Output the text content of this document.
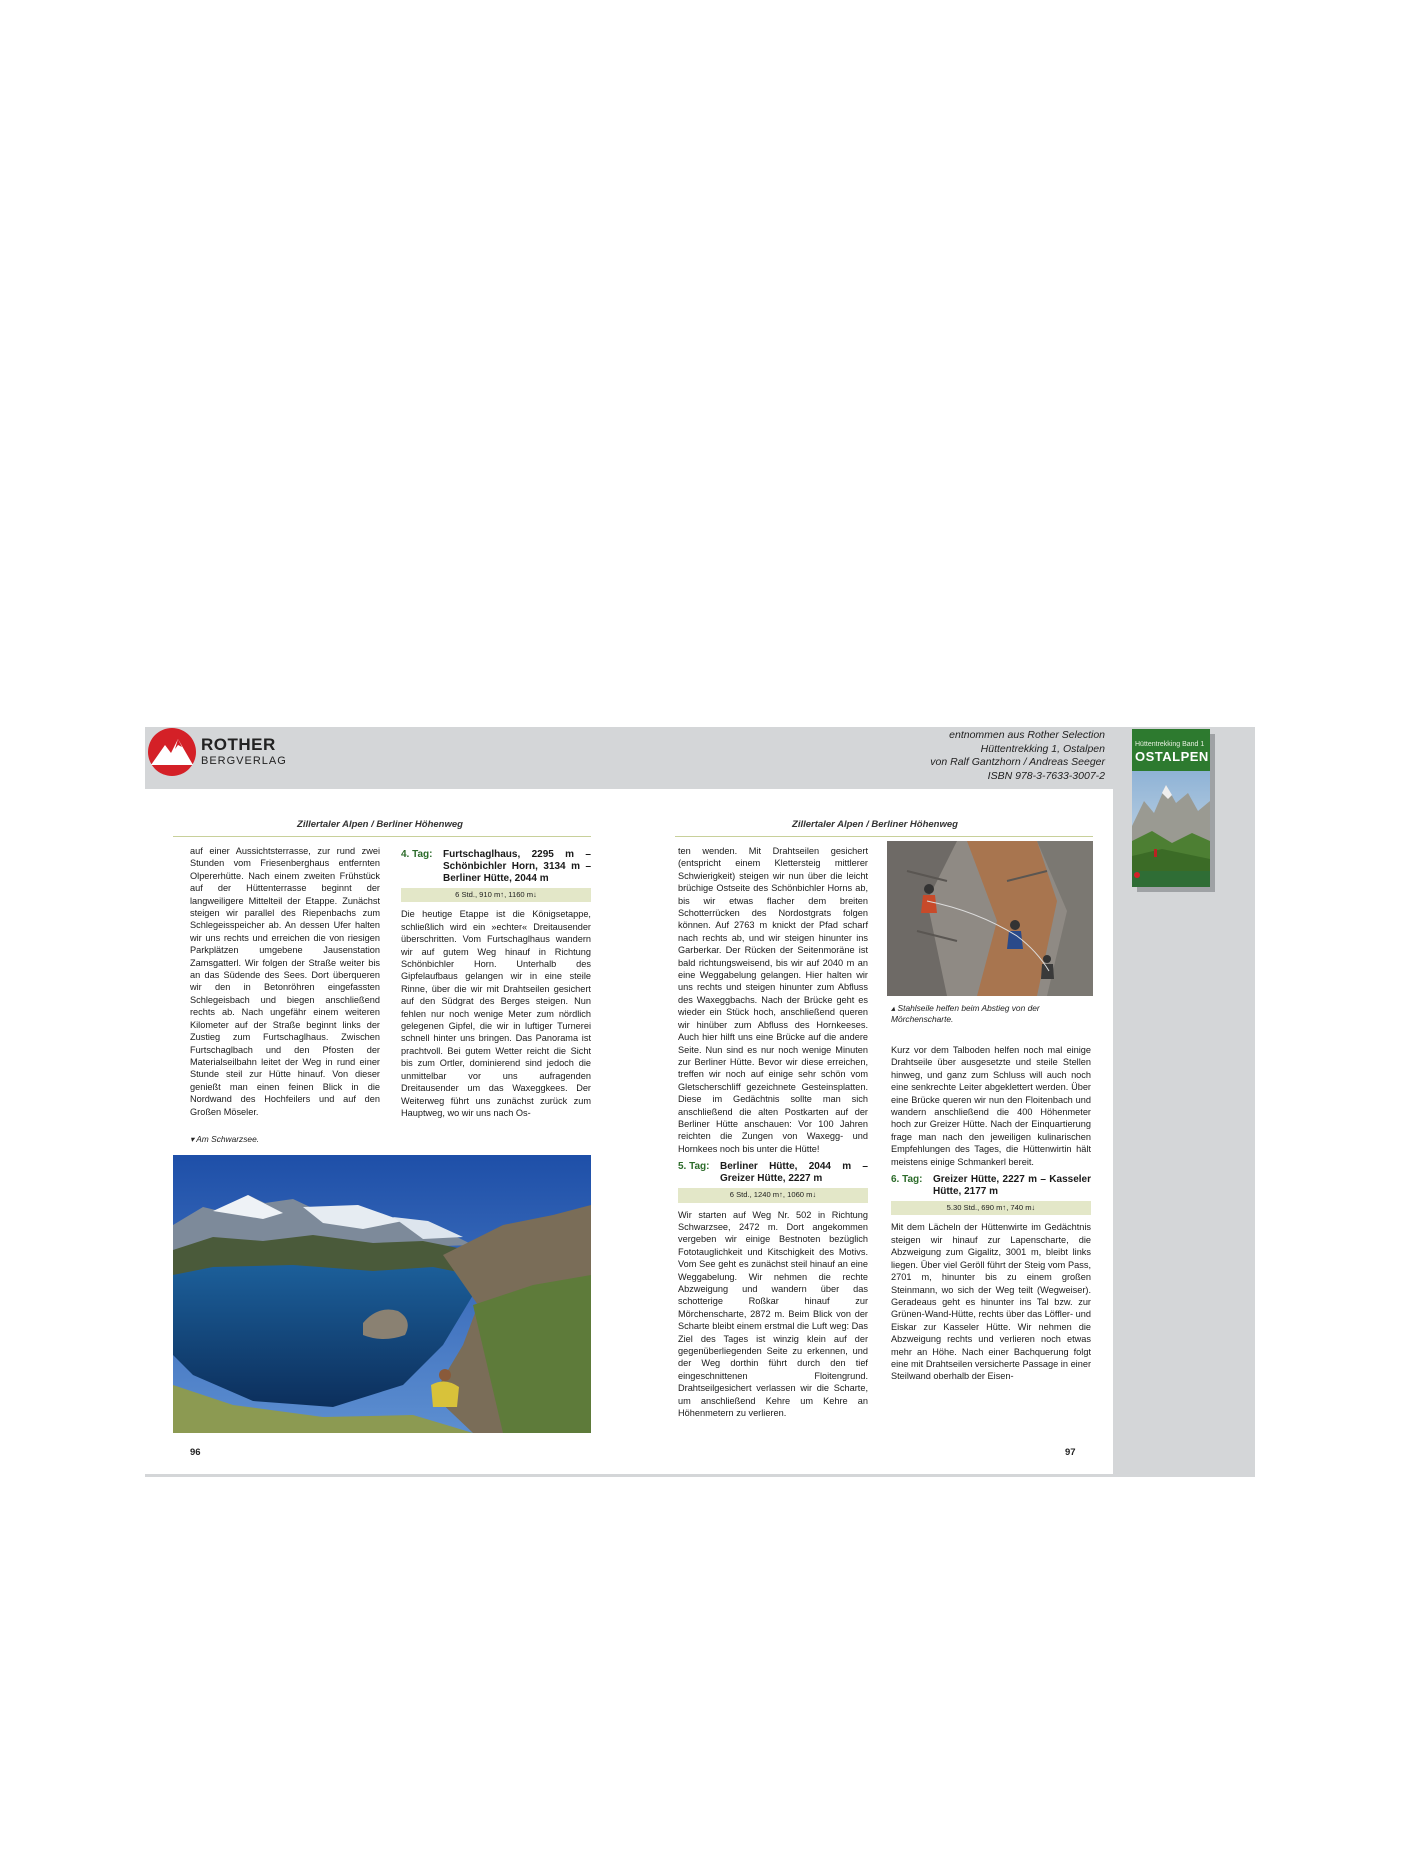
ROTHER
BERGVERLAG
entnommen aus Rother Selection
Hüttentrekking 1, Ostalpen
von Ralf Gantzhorn / Andreas Seeger
ISBN 978-3-7633-3007-2
Hüttentrekking Band 1
OSTALPEN
Zillertaler Alpen / Berliner Höhenweg

auf einer Aussichtsterrasse, zur rund zwei Stunden vom Friesenberghaus entfernten Olpererhütte. Nach einem zweiten Frühstück auf der Hüttenterrasse beginnt der langweiligere Mittelteil der Etappe. Zunächst steigen wir parallel des Riepenbachs zum Schlegeisspeicher ab. An dessen Ufer halten wir uns rechts und erreichen die von riesigen Parkplätzen umgebene Jausenstation Zamsgatterl. Wir folgen der Straße weiter bis an das Südende des Sees. Dort überqueren wir den in Betonröhren eingefassten Schlegeisbach und biegen anschließend rechts ab. Nach ungefähr einem weiteren Kilometer auf der Straße beginnt links der Zustieg zum Furtschaglhaus. Zwischen Furtschaglbach und den Pfosten der Materialseilbahn leitet der Weg in rund einer Stunde steil zur Hütte hinauf. Von dieser genießt man einen feinen Blick in die Nordwand des Hochfeilers und auf den Großen Möseler.

4. Tag:	Furtschaglhaus, 2295 m – Schönbichler Horn, 3134 m – Berliner Hütte, 2044 m
6 Std., 910 m↑, 1160 m↓

Die heutige Etappe ist die Königsetappe, schließlich wird ein »echter« Dreitausender überschritten. Vom Furtschaglhaus wandern wir auf gutem Weg hinauf in Richtung Schönbichler Horn. Unterhalb des Gipfelaufbaus gelangen wir in eine steile Rinne, über die wir mit Drahtseilen gesichert auf den Südgrat des Berges steigen. Nun fehlen nur noch wenige Meter zum nördlich gelegenen Gipfel, die wir in luftiger Turnerei schnell hinter uns bringen. Das Panorama ist prachtvoll. Bei gutem Wetter reicht die Sicht bis zum Ortler, dominierend sind jedoch die unmittelbar vor uns aufragenden Dreitausender um das Waxeggkees. Der Weiterweg führt uns zunächst zurück zum Hauptweg, wo wir uns nach Os-

▾ Am Schwarzsee.
96
Zillertaler Alpen / Berliner Höhenweg

ten wenden. Mit Drahtseilen gesichert (entspricht einem Klettersteig mittlerer Schwierigkeit) steigen wir nun über die leicht brüchige Ostseite des Schönbichler Horns ab, bis wir etwas flacher dem breiten Schotterrücken des Nordostgrats folgen können. Auf 2763 m knickt der Pfad scharf nach rechts ab, und wir steigen hinunter ins Garberkar. Der Rücken der Seitenmoräne ist bald richtungsweisend, bis wir auf 2040 m an eine Weggabelung gelangen. Hier halten wir uns rechts und steigen hinunter zum Abfluss des Waxeggbachs. Nach der Brücke geht es wieder ein Stück hoch, anschließend queren wir hinüber zum Abfluss des Hornkeeses. Auch hier hilft uns eine Brücke auf die andere Seite. Nun sind es nur noch wenige Minuten zur Berliner Hütte. Bevor wir diese erreichen, treffen wir noch auf einige sehr schön vom Gletscherschliff gezeichnete Gesteinsplatten. Diese im Gedächtnis sollte man sich anschließend die alten Postkarten auf der Berliner Hütte anschauen: Vor 100 Jahren reichten die Zungen von Waxegg- und Hornkees noch bis unter die Hütte!

5. Tag:	Berliner Hütte, 2044 m – Greizer Hütte, 2227 m
6 Std., 1240 m↑, 1060 m↓

Wir starten auf Weg Nr. 502 in Richtung Schwarzsee, 2472 m. Dort angekommen vergeben wir einige Bestnoten bezüglich Fototauglichkeit und Kitschigkeit des Motivs. Vom See geht es zunächst steil hinauf an eine Weggabelung. Wir nehmen die rechte Abzweigung und wandern über das schotterige Roßkar hinauf zur Mörchenscharte, 2872 m. Beim Blick von der Scharte bleibt einem erstmal die Luft weg: Das Ziel des Tages ist winzig klein auf der gegenüberliegenden Seite zu erkennen, und der Weg dorthin führt durch den tief eingeschnittenen Floitengrund. Drahtseilgesichert verlassen wir die Scharte, um anschließend Kehre um Kehre an Höhenmetern zu verlieren.

▴ Stahlseile helfen beim Abstieg von der Mörchenscharte.

Kurz vor dem Talboden helfen noch mal einige Drahtseile über ausgesetzte und steile Stellen hinweg, und ganz zum Schluss will auch noch eine senkrechte Leiter abgeklettert werden. Über eine Brücke queren wir nun den Floitenbach und wandern anschließend die 400 Höhenmeter hoch zur Greizer Hütte. Nach der Einquartierung frage man nach den jeweiligen kulinarischen Empfehlungen des Tages, die Hüttenwirtin hält meistens einige Schmankerl bereit.

6. Tag:	Greizer Hütte, 2227 m – Kasseler Hütte, 2177 m
5.30 Std., 690 m↑, 740 m↓

Mit dem Lächeln der Hüttenwirte im Gedächtnis steigen wir hinauf zur Lapenscharte, die Abzweigung zum Gigalitz, 3001 m, bleibt links liegen. Über viel Geröll führt der Steig vom Pass, 2701 m, hinunter bis zu einem großen Steinmann, wo sich der Weg teilt (Wegweiser). Geradeaus geht es hinunter ins Tal bzw. zur Grünen-Wand-Hütte, rechts über das Löffler- und Eiskar zur Kasseler Hütte. Wir nehmen die Abzweigung rechts und verlieren noch etwas mehr an Höhe. Nach einer Bachquerung folgt eine mit Drahtseilen versicherte Passage in einer Steilwand oberhalb der Eisen-

97
